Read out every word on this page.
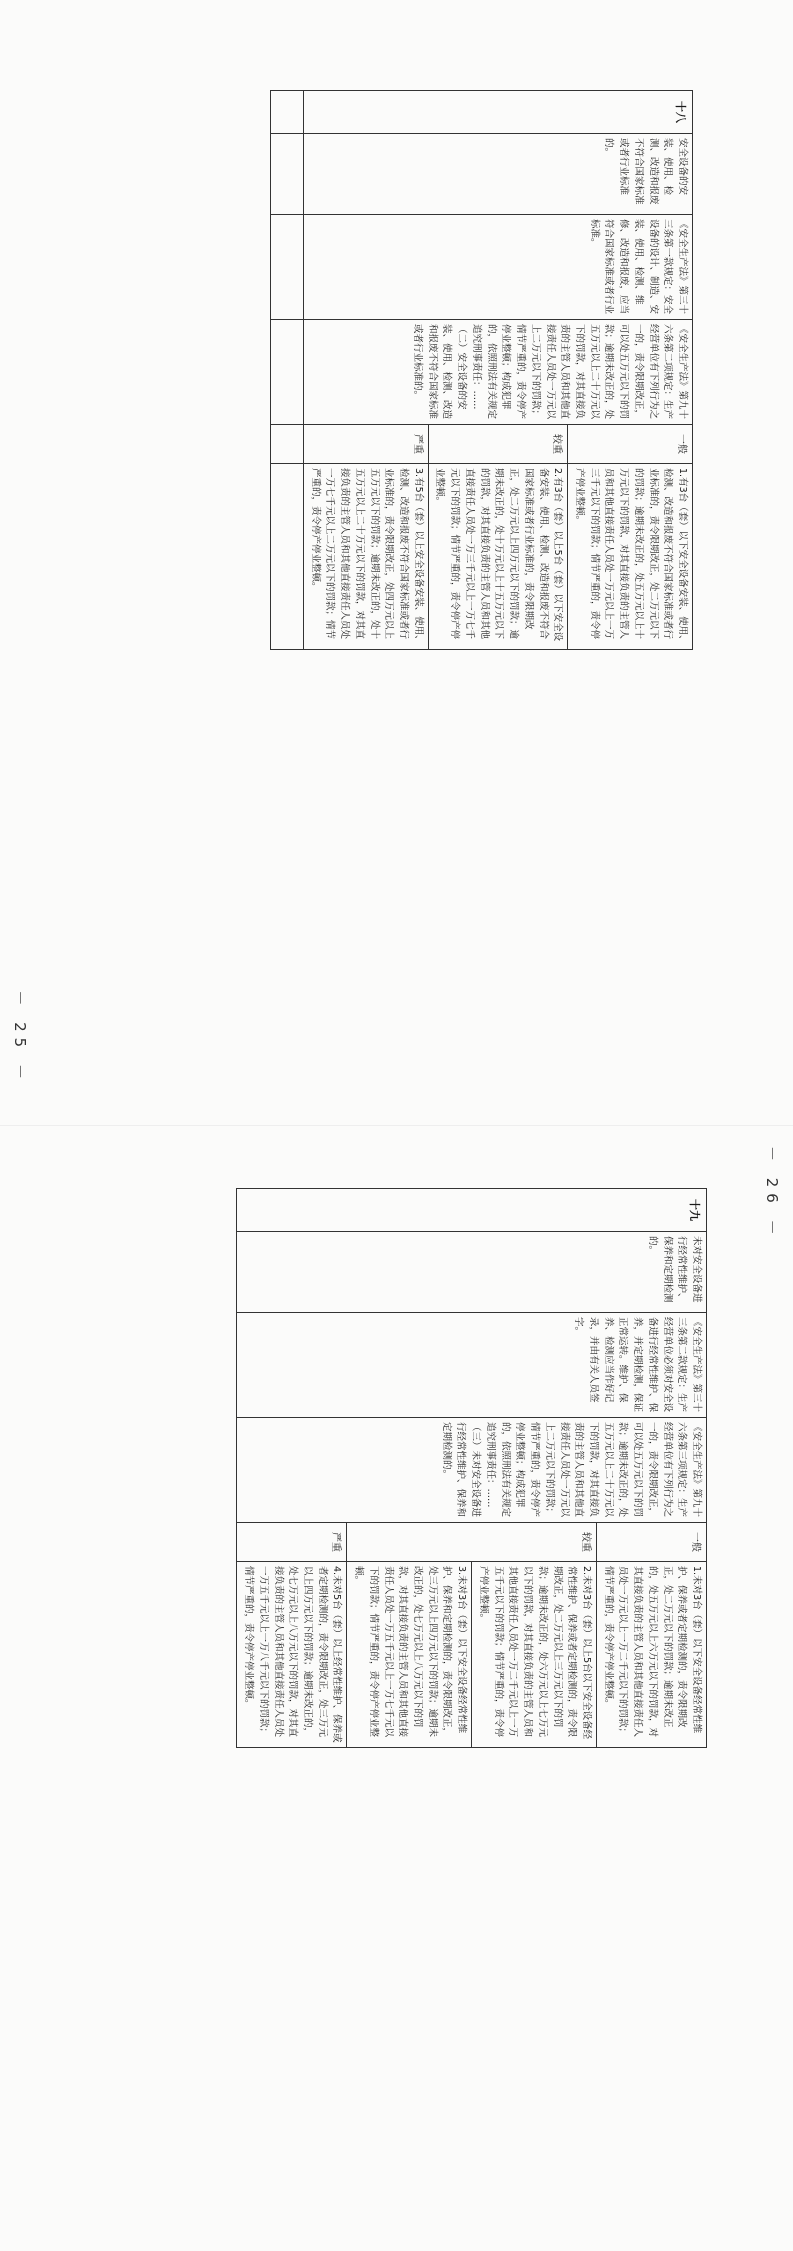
十八	安全设备的安装、使用、检测、改造和报废不符合国家标准或者行业标准的。	《安全生产法》第三十三条第一款规定：安全设备的设计、制造、安装、使用、检测、维修、改造和报废，应当符合国家标准或者行业标准。	《安全生产法》第九十六条第二项规定：生产经营单位有下列行为之一的，责令限期改正，可以处五万元以下的罚款；逾期未改正的，处五万元以上二十万元以下的罚款，对其直接负责的主管人员和其他直接责任人员处一万元以上二万元以下的罚款；情节严重的，责令停产停业整顿；构成犯罪的，依照刑法有关规定追究刑事责任：……（二）安全设备的安装、使用、检测、改造和报废不符合国家标准或者行业标准的。	一般	1.有3台（套）以下安全设备安装、使用、检测、改造和报废不符合国家标准或者行业标准的，责令限期改正，处二万元以下的罚款；逾期未改正的，处五万元以上十万元以下的罚款，对其直接负责的主管人员和其他直接责任人员处一万元以上一万三千元以下的罚款；情节严重的，责令停产停业整顿。
				较重	2.有3台（套）以上5台（套）以下安全设备安装、使用、检测、改造和报废不符合国家标准或者行业标准的，责令限期改正，处二万元以上四万元以下的罚款；逾期未改正的，处十万元以上十五万元以下的罚款，对其直接负责的主管人员和其他直接责任人员处一万三千元以上一万七千元以下的罚款；情节严重的，责令停产停业整顿。
				严重	3.有5台（套）以上安全设备安装、使用、检测、改造和报废不符合国家标准或者行业标准的，责令限期改正，处四万元以上五万元以下的罚款；逾期未改正的，处十五万元以上二十万元以下的罚款，对其直接负责的主管人员和其他直接责任人员处一万七千元以上二万元以下的罚款；情节严重的，责令停产停业整顿。

－ 25 －
十九	未对安全设备进行经常性维护、保养和定期检测的。	《安全生产法》第三十三条第二款规定：生产经营单位必须对安全设备进行经常性维护、保养，并定期检测，保证正常运转。维护、保养、检测应当作好记录，并由有关人员签字。	《安全生产法》第九十六条第三项规定：生产经营单位有下列行为之一的，责令限期改正，可以处五万元以下的罚款；逾期未改正的，处五万元以上二十万元以下的罚款，对其直接负责的主管人员和其他直接责任人员处一万元以上二万元以下的罚款；情节严重的，责令停产停业整顿；构成犯罪的，依照刑法有关规定追究刑事责任：……（三）未对安全设备进行经常性维护、保养和定期检测的。	一般	1.未对3台（套）以下安全设备经常性维护、保养或者定期检测的，责令限期改正，处二万元以下的罚款；逾期未改正的，处五万元以上六万元以下的罚款，对其直接负责的主管人员和其他直接责任人员处一万元以上一万二千元以下的罚款；情节严重的，责令停产停业整顿。
				较重	2.未对3台（套）以上5台以下安全设备经常性维护、保养或者定期检测的，责令限期改正，处二万元以上三万元以下的罚款；逾期未改正的，处六万元以上七万元以下的罚款，对其直接负责的主管人员和其他直接责任人员处一万二千元以上一万五千元以下的罚款；情节严重的，责令停产停业整顿。
					3.未对3台（套）以下安全设备经常性维护、保养和定期检测的，责令限期改正，处三万元以上四万元以下的罚款；逾期未改正的，处七万元以上八万元以下的罚款，对其直接负责的主管人员和其他直接责任人员处一万五千元以上一万七千元以下的罚款；情节严重的，责令停产停业整顿。
				严重	4.未对5台（套）以上经常性维护、保养或者定期检测的，责令限期改正，处三万元以上四万元以下的罚款；逾期未改正的，处七万元以上八万元以下的罚款，对其直接负责的主管人员和其他直接责任人员处一万五千元以上一万八千元以下的罚款；情节严重的，责令停产停业整顿。
－ 26 －
